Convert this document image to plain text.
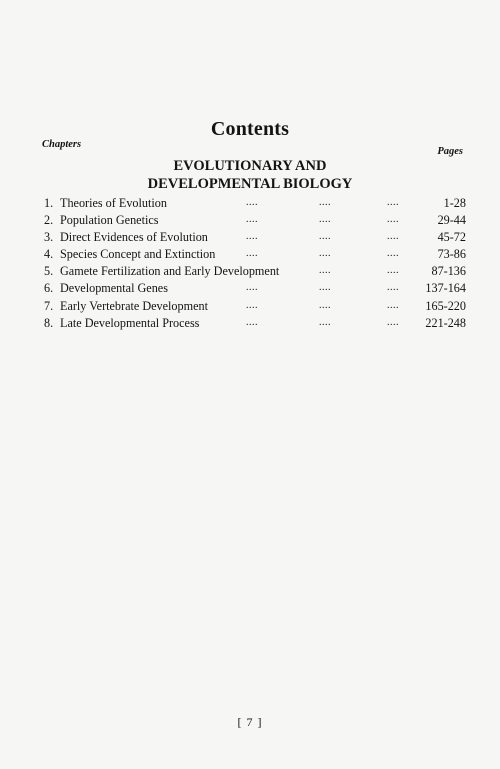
Contents
Chapters
Pages
EVOLUTIONARY AND
DEVELOPMENTAL BIOLOGY
1. Theories of Evolution	....	....	....	1-28
2. Population Genetics	....	....	....	29-44
3. Direct Evidences of Evolution	....	....	....	45-72
4. Species Concept and Extinction	....	....	....	73-86
5. Gamete Fertilization and Early Development	....	....	87-136
6. Developmental Genes	....	....	.... 137-164
7. Early Vertebrate Development	....	....	.... 165-220
8. Late Developmental Process	....	....	.... 221-248
[ 7 ]
